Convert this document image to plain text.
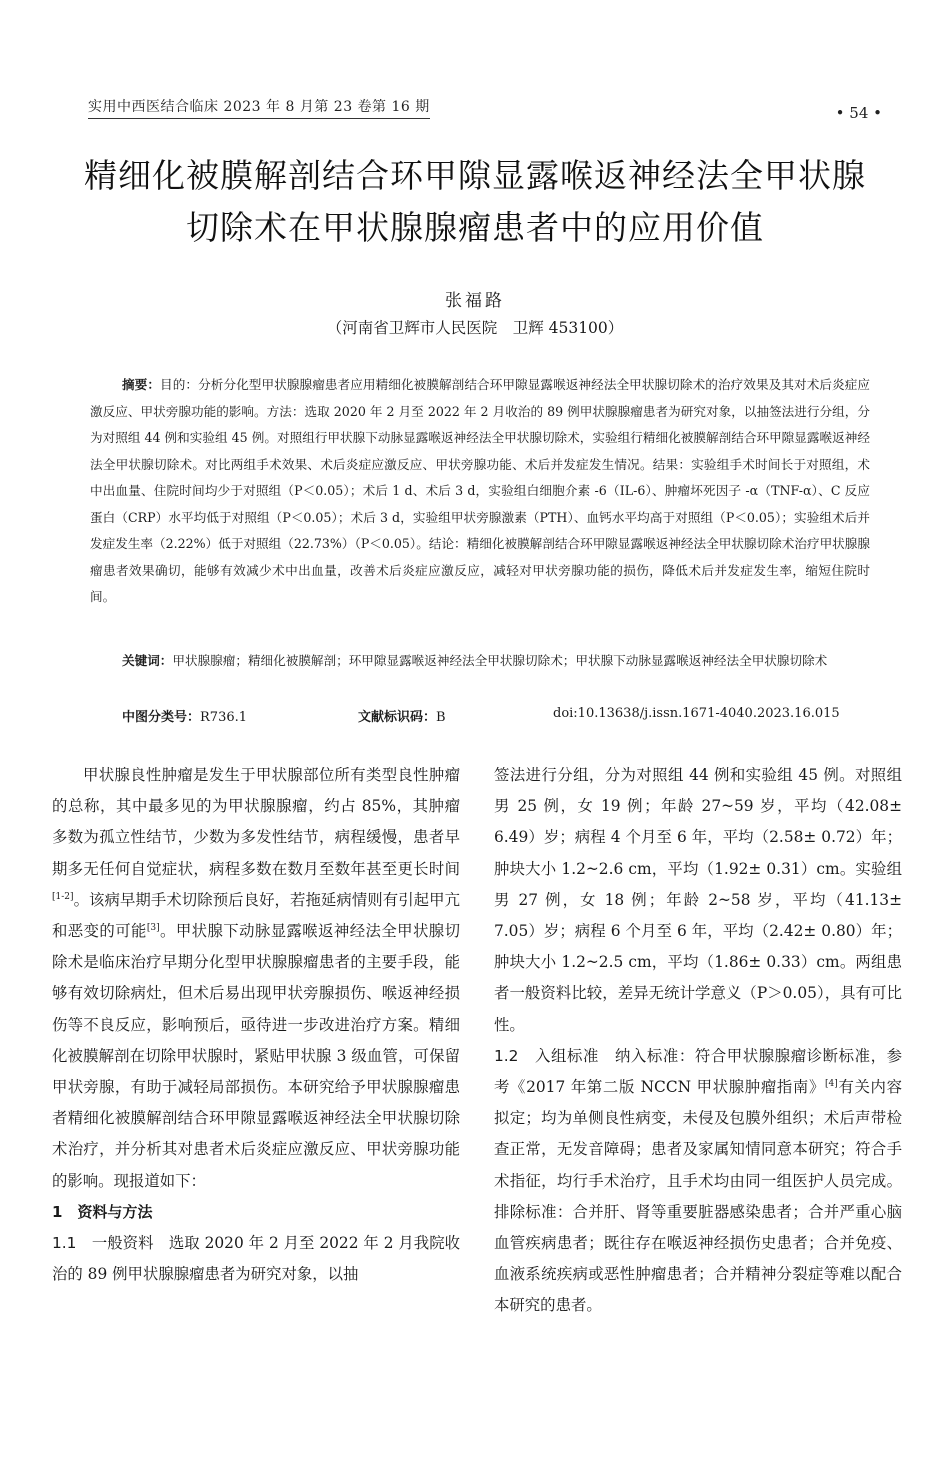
实用中西医结合临床 2023 年 8 月第 23 卷第 16 期	• 54 •
精细化被膜解剖结合环甲隙显露喉返神经法全甲状腺
切除术在甲状腺腺瘤患者中的应用价值
张福路
（河南省卫辉市人民医院　卫辉 453100）

摘要：目的：分析分化型甲状腺腺瘤患者应用精细化被膜解剖结合环甲隙显露喉返神经法全甲状腺切除术的治疗效果及其对术后炎症应激反应、甲状旁腺功能的影响。方法：选取 2020 年 2 月至 2022 年 2 月收治的 89 例甲状腺腺瘤患者为研究对象，以抽签法进行分组，分为对照组 44 例和实验组 45 例。对照组行甲状腺下动脉显露喉返神经法全甲状腺切除术，实验组行精细化被膜解剖结合环甲隙显露喉返神经法全甲状腺切除术。对比两组手术效果、术后炎症应激反应、甲状旁腺功能、术后并发症发生情况。结果：实验组手术时间长于对照组，术中出血量、住院时间均少于对照组（P＜0.05）；术后 1 d、术后 3 d，实验组白细胞介素 -6（IL-6）、肿瘤坏死因子 -α（TNF-α）、C 反应蛋白（CRP）水平均低于对照组（P＜0.05）；术后 3 d，实验组甲状旁腺激素（PTH）、血钙水平均高于对照组（P＜0.05）；实验组术后并发症发生率（2.22%）低于对照组（22.73%）（P＜0.05）。结论：精细化被膜解剖结合环甲隙显露喉返神经法全甲状腺切除术治疗甲状腺腺瘤患者效果确切，能够有效减少术中出血量，改善术后炎症应激反应，减轻对甲状旁腺功能的损伤，降低术后并发症发生率，缩短住院时间。

关键词：甲状腺腺瘤；精细化被膜解剖；环甲隙显露喉返神经法全甲状腺切除术；甲状腺下动脉显露喉返神经法全甲状腺切除术

中图分类号：R736.1	文献标识码：B	doi:10.13638/j.issn.1671-4040.2023.16.015

甲状腺良性肿瘤是发生于甲状腺部位所有类型良性肿瘤的总称，其中最多见的为甲状腺腺瘤，约占 85%，其肿瘤多数为孤立性结节，少数为多发性结节，病程缓慢，患者早期多无任何自觉症状，病程多数在数月至数年甚至更长时间[1-2]。该病早期手术切除预后良好，若拖延病情则有引起甲亢和恶变的可能[3]。甲状腺下动脉显露喉返神经法全甲状腺切除术是临床治疗早期分化型甲状腺腺瘤患者的主要手段，能够有效切除病灶，但术后易出现甲状旁腺损伤、喉返神经损伤等不良反应，影响预后，亟待进一步改进治疗方案。精细化被膜解剖在切除甲状腺时，紧贴甲状腺 3 级血管，可保留甲状旁腺，有助于减轻局部损伤。本研究给予甲状腺腺瘤患者精细化被膜解剖结合环甲隙显露喉返神经法全甲状腺切除术治疗，并分析其对患者术后炎症应激反应、甲状旁腺功能的影响。现报道如下：

1　资料与方法

1.1　一般资料　选取 2020 年 2 月至 2022 年 2 月我院收治的 89 例甲状腺腺瘤患者为研究对象，以抽

签法进行分组，分为对照组 44 例和实验组 45 例。对照组男 25 例，女 19 例；年龄 27~59 岁，平均（42.08± 6.49）岁；病程 4 个月至 6 年，平均（2.58± 0.72）年；肿块大小 1.2~2.6 cm，平均（1.92± 0.31）cm。实验组男 27 例，女 18 例；年龄 2~58 岁，平均（41.13± 7.05）岁；病程 6 个月至 6 年，平均（2.42± 0.80）年；肿块大小 1.2~2.5 cm，平均（1.86± 0.33）cm。两组患者一般资料比较，差异无统计学意义（P＞0.05），具有可比性。

1.2　入组标准　纳入标准：符合甲状腺腺瘤诊断标准，参考《2017 年第二版 NCCN 甲状腺肿瘤指南》[4]有关内容拟定；均为单侧良性病变，未侵及包膜外组织；术后声带检查正常，无发音障碍；患者及家属知情同意本研究；符合手术指征，均行手术治疗，且手术均由同一组医护人员完成。排除标准：合并肝、肾等重要脏器感染患者；合并严重心脑血管疾病患者；既往存在喉返神经损伤史患者；合并免疫、血液系统疾病或恶性肿瘤患者；合并精神分裂症等难以配合本研究的患者。
